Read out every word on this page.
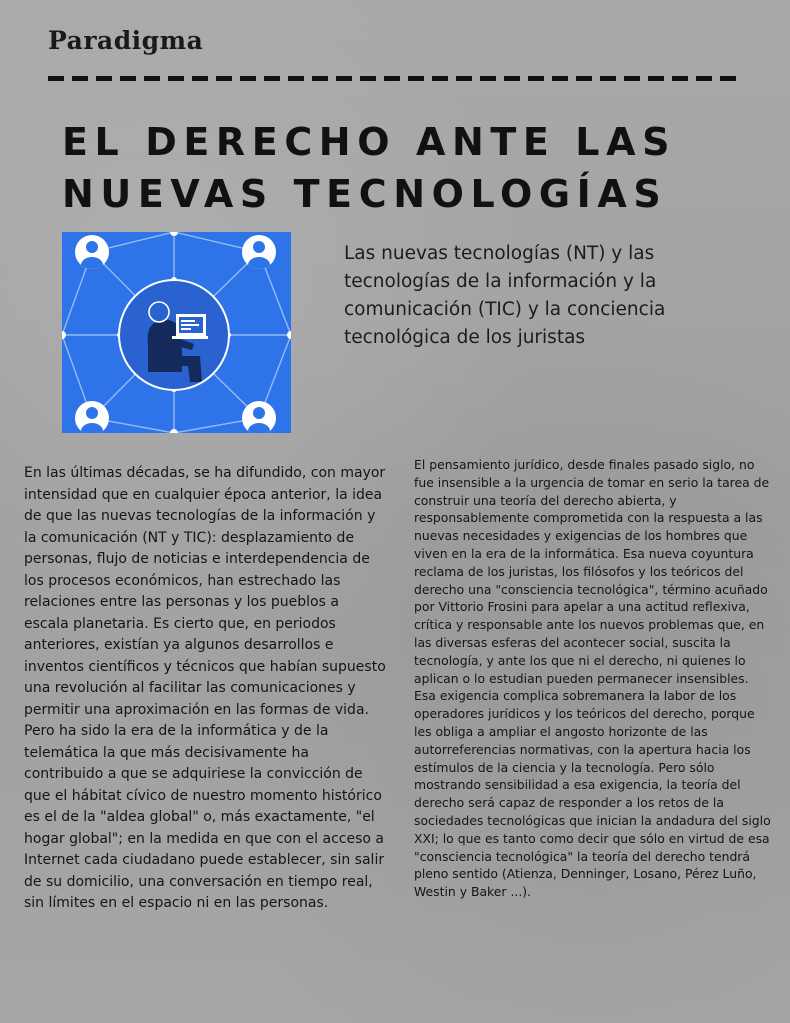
Paradigma
EL DERECHO ANTE LAS
NUEVAS TECNOLOGÍAS
Las nuevas tecnologías (NT) y las tecnologías de la información y la comunicación (TIC) y la conciencia tecnológica de los juristas

En las últimas décadas, se ha difundido, con mayor intensidad que en cualquier época anterior, la idea de que las nuevas tecnologías de la información y la comunicación (NT y TIC): desplazamiento de personas, flujo de noticias e interdependencia de los procesos económicos, han estrechado las relaciones entre las personas y los pueblos a escala planetaria. Es cierto que, en periodos anteriores, existían ya algunos desarrollos e inventos científicos y técnicos que habían supuesto una revolución al facilitar las comunicaciones y permitir una aproximación en las formas de vida. Pero ha sido la era de la informática y de la telemática la que más decisivamente ha contribuido a que se adquiriese la convicción de que el hábitat cívico de nuestro momento histórico es el de la "aldea global" o, más exactamente, "el hogar global"; en la medida en que con el acceso a Internet cada ciudadano puede establecer, sin salir de su domicilio, una conversación en tiempo real, sin límites en el espacio ni en las personas.

El pensamiento jurídico, desde finales pasado siglo, no fue insensible a la urgencia de tomar en serio la tarea de construir una teoría del derecho abierta, y responsablemente comprometida con la respuesta a las nuevas necesidades y exigencias de los hombres que viven en la era de la informática. Esa nueva coyuntura reclama de los juristas, los filósofos y los teóricos del derecho una "consciencia tecnológica", término acuñado por Vittorio Frosini para apelar a una actitud reflexiva, crítica y responsable ante los nuevos problemas que, en las diversas esferas del acontecer social, suscita la tecnología, y ante los que ni el derecho, ni quienes lo aplican o lo estudian pueden permanecer insensibles. Esa exigencia complica sobremanera la labor de los operadores jurídicos y los teóricos del derecho, porque les obliga a ampliar el angosto horizonte de las autorreferencias normativas, con la apertura hacia los estímulos de la ciencia y la tecnología. Pero sólo mostrando sensibilidad a esa exigencia, la teoría del derecho será capaz de responder a los retos de la sociedades tecnológicas que inician la andadura del siglo XXI; lo que es tanto como decir que sólo en virtud de esa "consciencia tecnológica" la teoría del derecho tendrá pleno sentido (Atienza, Denninger, Losano, Pérez Luño, Westin y Baker ...).
